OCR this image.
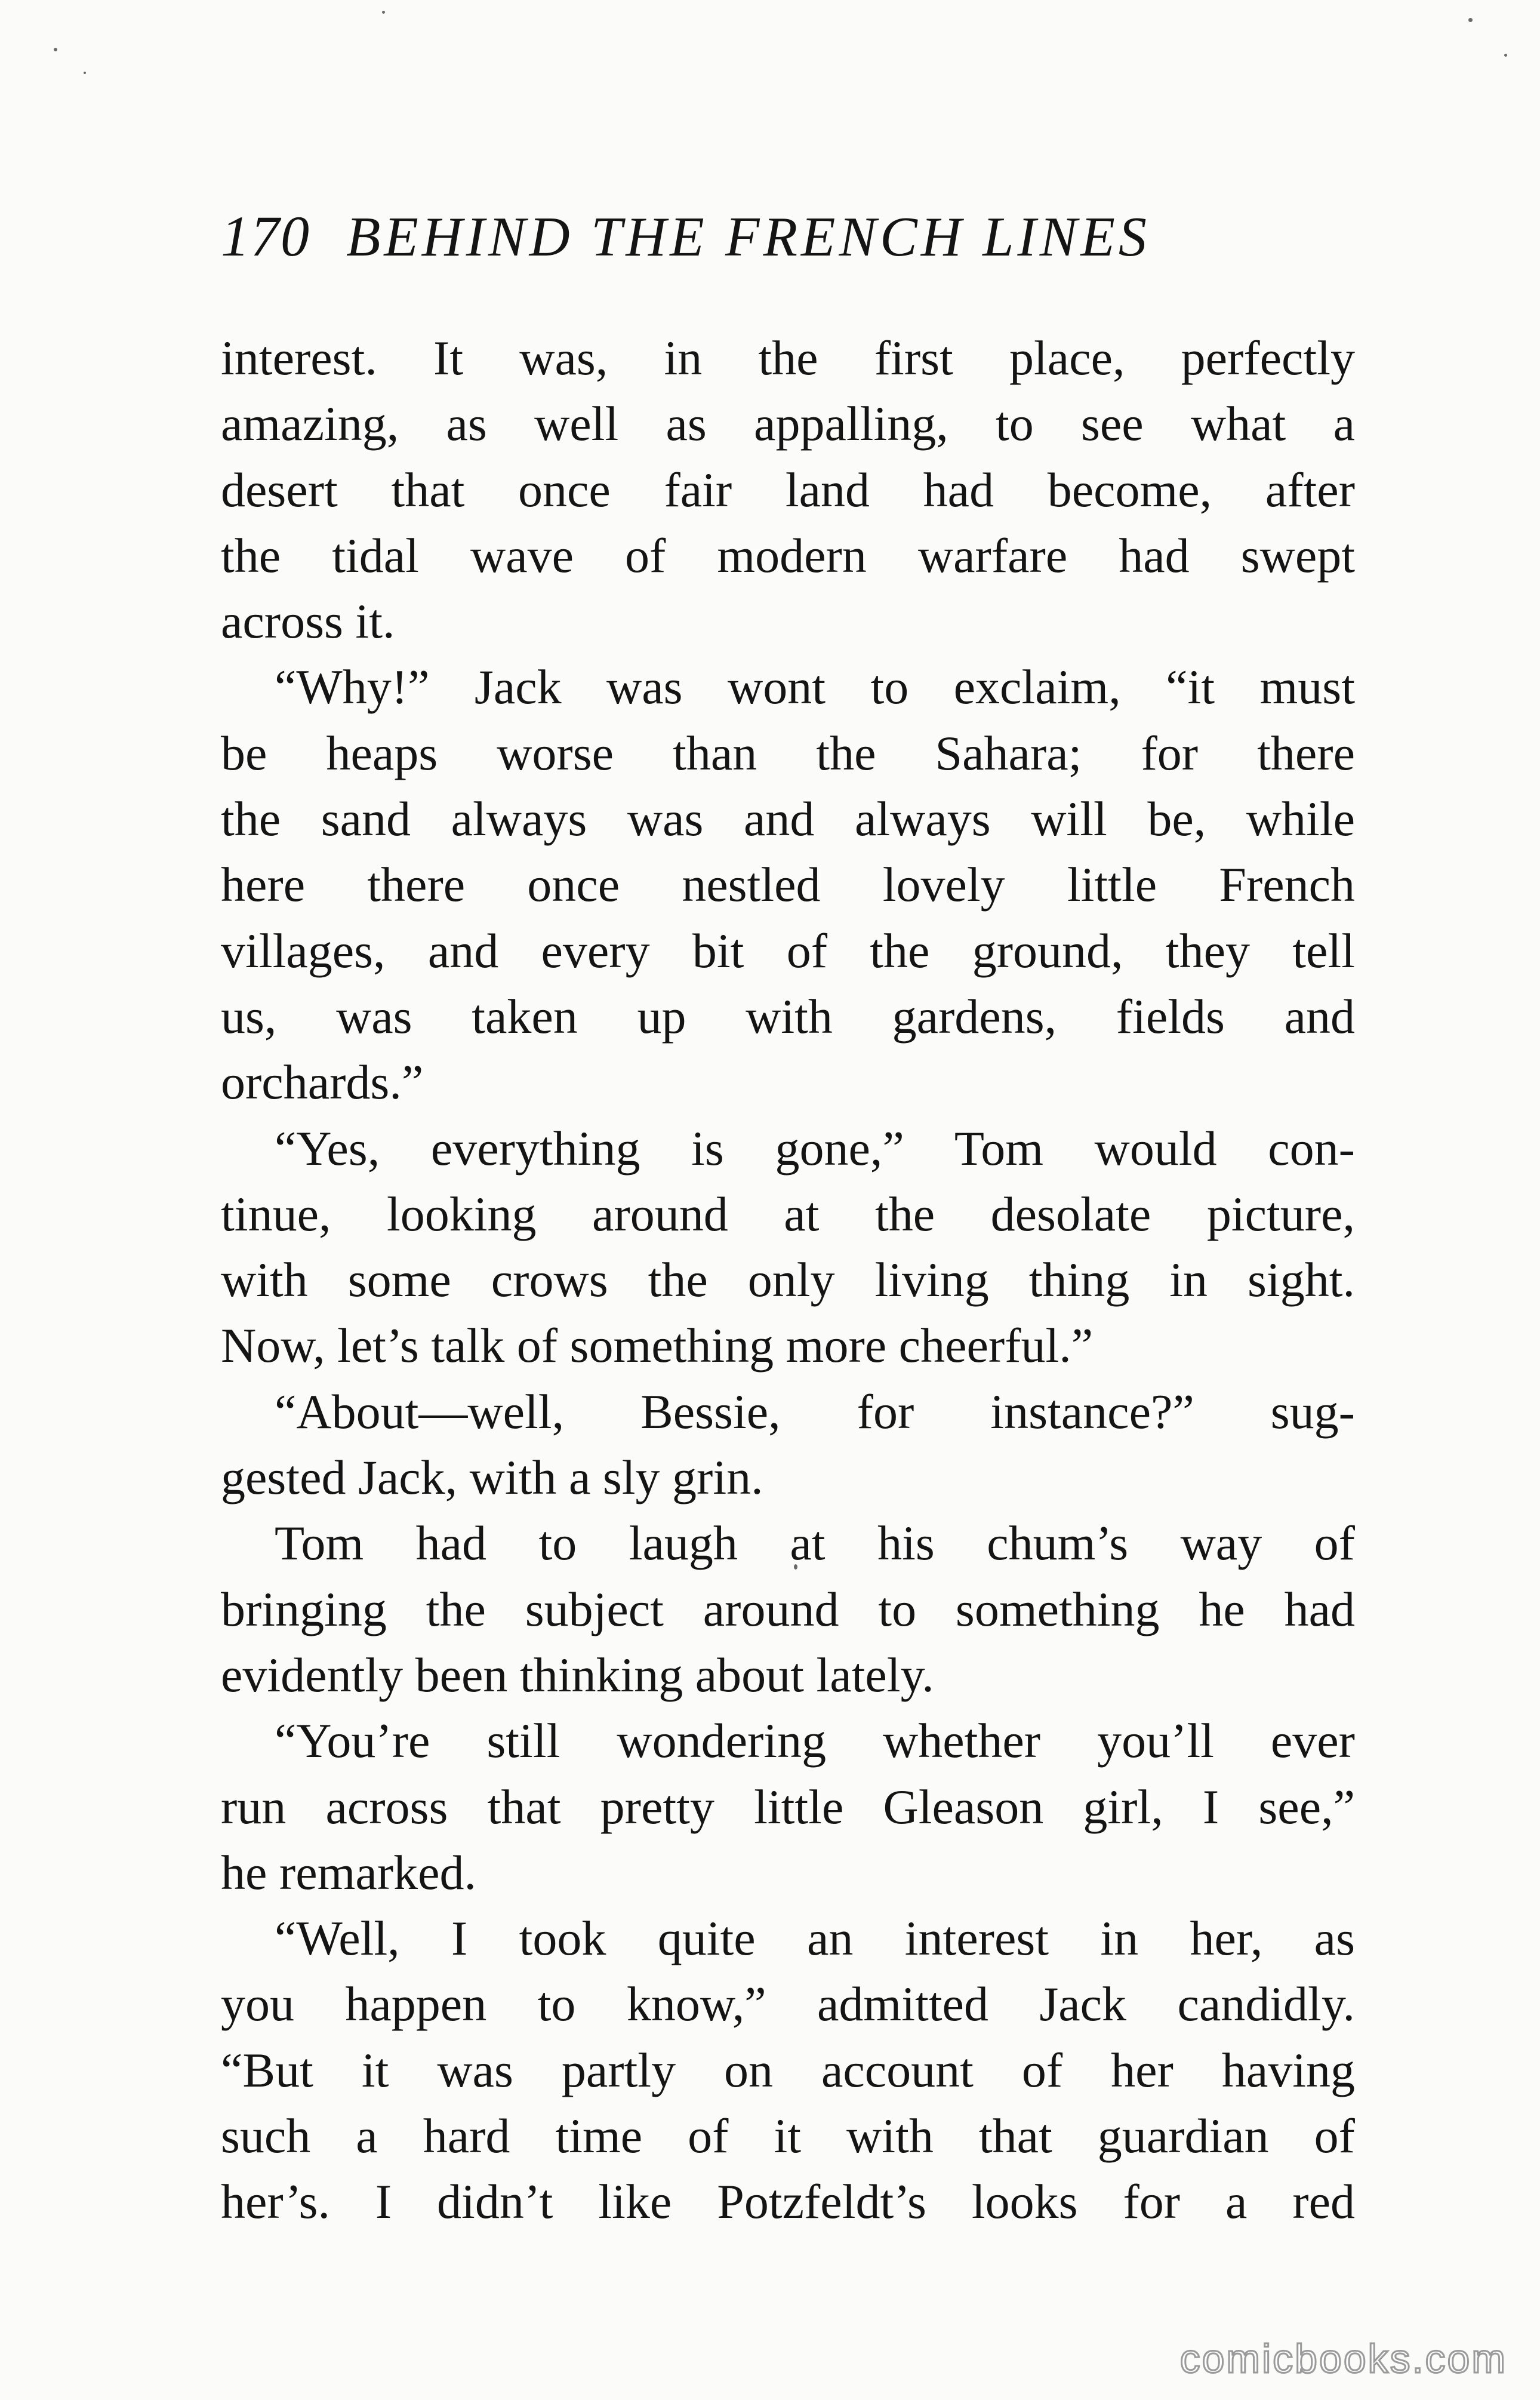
170 BEHIND THE FRENCH LINES
interest. It was, in the first place, perfectly
amazing, as well as appalling, to see what a
desert that once fair land had become, after
the tidal wave of modern warfare had swept
across it.
“Why!” Jack was wont to exclaim, “it must
be heaps worse than the Sahara; for there
the sand always was and always will be, while
here there once nestled lovely little French
villages, and every bit of the ground, they tell
us, was taken up with gardens, fields and
orchards.”
“Yes, everything is gone,” Tom would con-
tinue, looking around at the desolate picture,
with some crows the only living thing in sight.
Now, let’s talk of something more cheerful.”
“About—well, Bessie, for instance?” sug-
gested Jack, with a sly grin.
Tom had to laugh at his chum’s way of
bringing the subject around to something he had
evidently been thinking about lately.
“You’re still wondering whether you’ll ever
run across that pretty little Gleason girl, I see,”
he remarked.
“Well, I took quite an interest in her, as
you happen to know,” admitted Jack candidly.
“But it was partly on account of her having
such a hard time of it with that guardian of
her’s. I didn’t like Potzfeldt’s looks for a red
comicbooks.com
